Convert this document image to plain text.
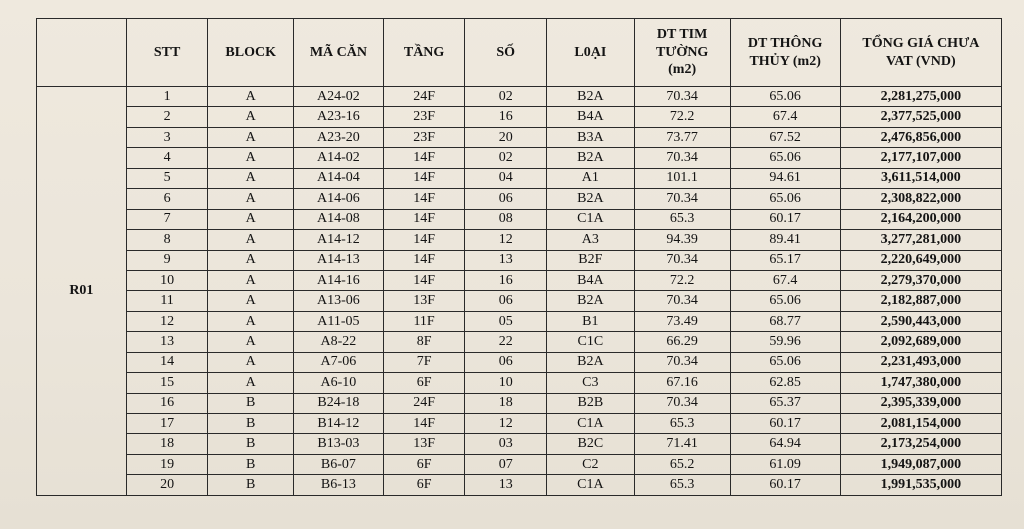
	STT	BLOCK	MÃ CĂN	TẦNG	SỐ	L0ẠI	DT TIM
TƯỜNG
(m2)	DT THÔNG
THỦY (m2)	TỔNG GIÁ CHƯA
VAT (VND)

R01	1	A	A24-02	24F	02	B2A	70.34	65.06	2,281,275,000
	2	A	A23-16	23F	16	B4A	72.2	67.4	2,377,525,000
	3	A	A23-20	23F	20	B3A	73.77	67.52	2,476,856,000
	4	A	A14-02	14F	02	B2A	70.34	65.06	2,177,107,000
	5	A	A14-04	14F	04	A1	101.1	94.61	3,611,514,000
	6	A	A14-06	14F	06	B2A	70.34	65.06	2,308,822,000
	7	A	A14-08	14F	08	C1A	65.3	60.17	2,164,200,000
	8	A	A14-12	14F	12	A3	94.39	89.41	3,277,281,000
	9	A	A14-13	14F	13	B2F	70.34	65.17	2,220,649,000
	10	A	A14-16	14F	16	B4A	72.2	67.4	2,279,370,000
	11	A	A13-06	13F	06	B2A	70.34	65.06	2,182,887,000
	12	A	A11-05	11F	05	B1	73.49	68.77	2,590,443,000
	13	A	A8-22	8F	22	C1C	66.29	59.96	2,092,689,000
	14	A	A7-06	7F	06	B2A	70.34	65.06	2,231,493,000
	15	A	A6-10	6F	10	C3	67.16	62.85	1,747,380,000
	16	B	B24-18	24F	18	B2B	70.34	65.37	2,395,339,000
	17	B	B14-12	14F	12	C1A	65.3	60.17	2,081,154,000
	18	B	B13-03	13F	03	B2C	71.41	64.94	2,173,254,000
	19	B	B6-07	6F	07	C2	65.2	61.09	1,949,087,000
	20	B	B6-13	6F	13	C1A	65.3	60.17	1,991,535,000
